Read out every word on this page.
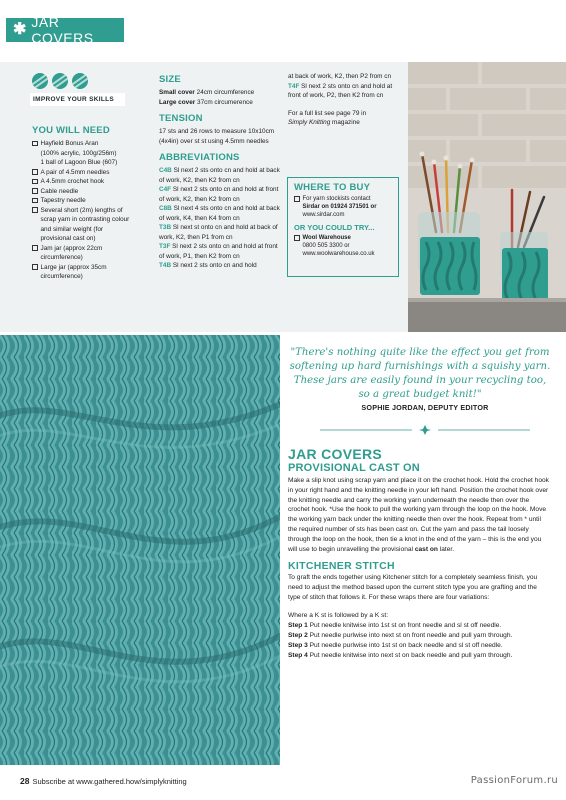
✱ JAR COVERS
IMPROVE YOUR SKILLS
YOU WILL NEED
Hayfield Bonus Aran
(100% acrylic, 100g/256m)
1 ball of Lagoon Blue (607)
A pair of 4.5mm needles
A 4.5mm crochet hook
Cable needle
Tapestry needle
Several short (2m) lengths of
scrap yarn in contrasting colour
and similar weight (for
provisional cast on)
Jam jar (approx 22cm
circumference)
Large jar (approx 35cm
circumference)
SIZE
Small cover 24cm circumference
Large cover 37cm circumerence
TENSION
17 sts and 26 rows to measure 10x10cm (4x4in) over st st using 4.5mm needles
ABBREVIATIONS
C4B Sl next 2 sts onto cn and hold at back of work, K2, then K2 from cn
C4F Sl next 2 sts onto cn and hold at front of work, K2, then K2 from cn
C8B Sl next 4 sts onto cn and hold at back of work, K4, then K4 from cn
T3B Sl next st onto cn and hold at back of work, K2, then P1 from cn
T3F Sl next 2 sts onto cn and hold at front of work, P1, then K2 from cn
T4B Sl next 2 sts onto cn and hold
at back of work, K2, then P2 from cn
T4F Sl next 2 sts onto cn and hold at front of work, P2, then K2 from cn
For a full list see page 79 in
Simply Knitting magazine
WHERE TO BUY
For yarn stockists contact
Sirdar on 01924 371501 or
www.sirdar.com
OR YOU COULD TRY...
Wool Warehouse
0800 505 3300 or
www.woolwarehouse.co.uk
"There's nothing quite like the effect you get from softening up hard furnishings with a squishy yarn. These jars are easily found in your recycling too, so a great budget knit!"
SOPHIE JORDAN, DEPUTY EDITOR
JAR COVERS
PROVISIONAL CAST ON
Make a slip knot using scrap yarn and place it on the crochet hook. Hold the crochet hook in your right hand and the knitting needle in your left hand. Position the crochet hook over the knitting needle and carry the working yarn underneath the needle then over the crochet hook. *Use the hook to pull the working yarn through the loop on the hook. Move the working yarn back under the knitting needle then over the hook. Repeat from * until the required number of sts has been cast on. Cut the yarn and pass the tail loosely through the loop on the hook, then tie a knot in the end of the yarn – this is the end you will use to begin unravelling the provisional cast on later.
KITCHENER STITCH
To graft the ends together using Kitchener stitch for a completely seamless finish, you need to adjust the method based upon the current stitch type you are grafting and the type of stitch that follows it. For these wraps there are four variations:
Where a K st is followed by a K st:
Step 1 Put needle knitwise into 1st st on front needle and sl st off needle.
Step 2 Put needle purlwise into next st on front needle and pull yarn through.
Step 3 Put needle purlwise into 1st st on back needle and sl st off needle.
Step 4 Put needle knitwise into next st on back needle and pull yarn through.
28 Subscribe at www.gathered.how/simplyknitting	PassionForum.ru
